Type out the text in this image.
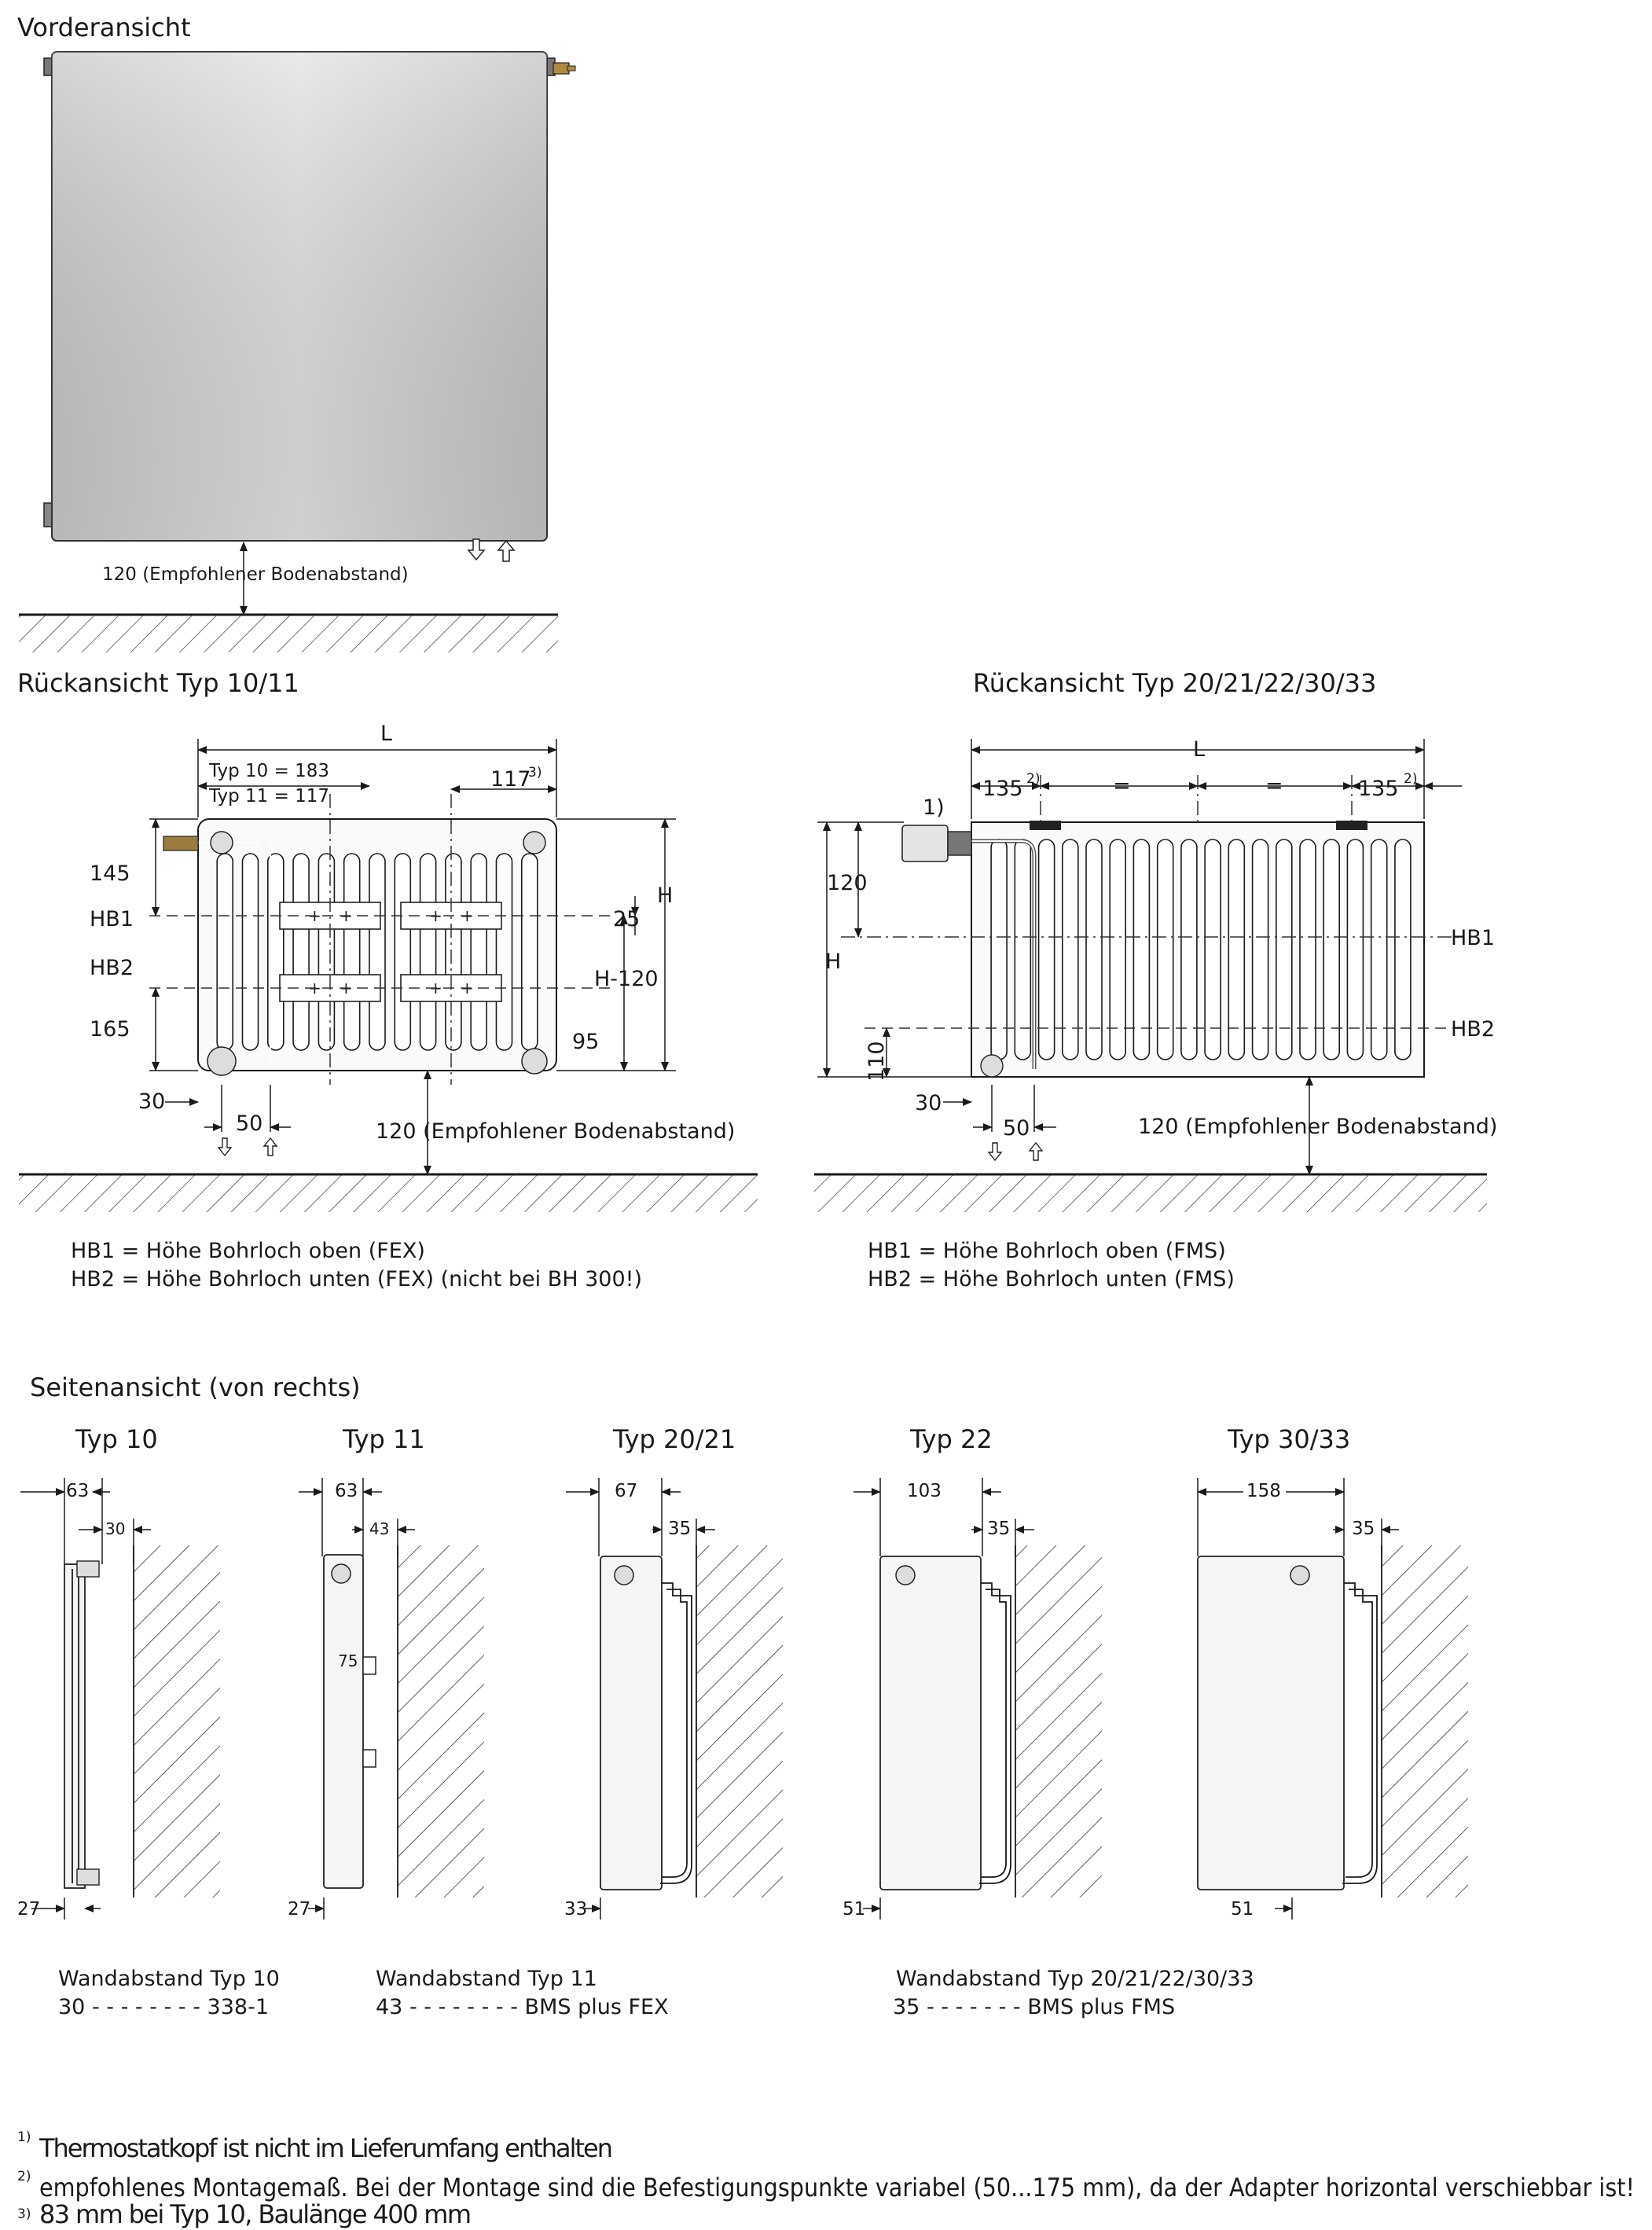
Vorderansicht
120 (Empfohlener Bodenabstand)
Rückansicht Typ 10/11
L
Typ 10 = 183
Typ 11 = 117
117
3)
+ +	+ +
+ +	+ +
145
HB1
HB2
165
H
25
H-120
95
30
50	120 (Empfohlener Bodenabstand)
HB1 = Höhe Bohrloch oben (FEX)
HB2 = Höhe Bohrloch unten (FEX) (nicht bei BH 300!)
Rückansicht Typ 20/21/22/30/33
L
135 2)	=	=	135 2)
1)
H
120
HB1
HB2
110
30
50	120 (Empfohlener Bodenabstand)
HB1 = Höhe Bohrloch oben (FMS)
HB2 = Höhe Bohrloch unten (FMS)
Seitenansicht (von rechts)
Typ 10
63
30
27
Typ 11
63
43
75
27
Typ 20/21
67
35
33
Typ 22
103
35
51
Typ 30/33
158
35
51
Wandabstand Typ 10
30 - - - - - - - - 338-1
Wandabstand Typ 11
43 - - - - - - - - BMS plus FEX
Wandabstand Typ 20/21/22/30/33
35 - - - - - - - BMS plus FMS
1) Thermostatkopf ist nicht im Lieferumfang enthalten
2) empfohlenes Montagemaß. Bei der Montage sind die Befestigungspunkte variabel (50...175 mm), da der Adapter horizontal verschiebbar ist!
3) 83 mm bei Typ 10, Baulänge 400 mm
